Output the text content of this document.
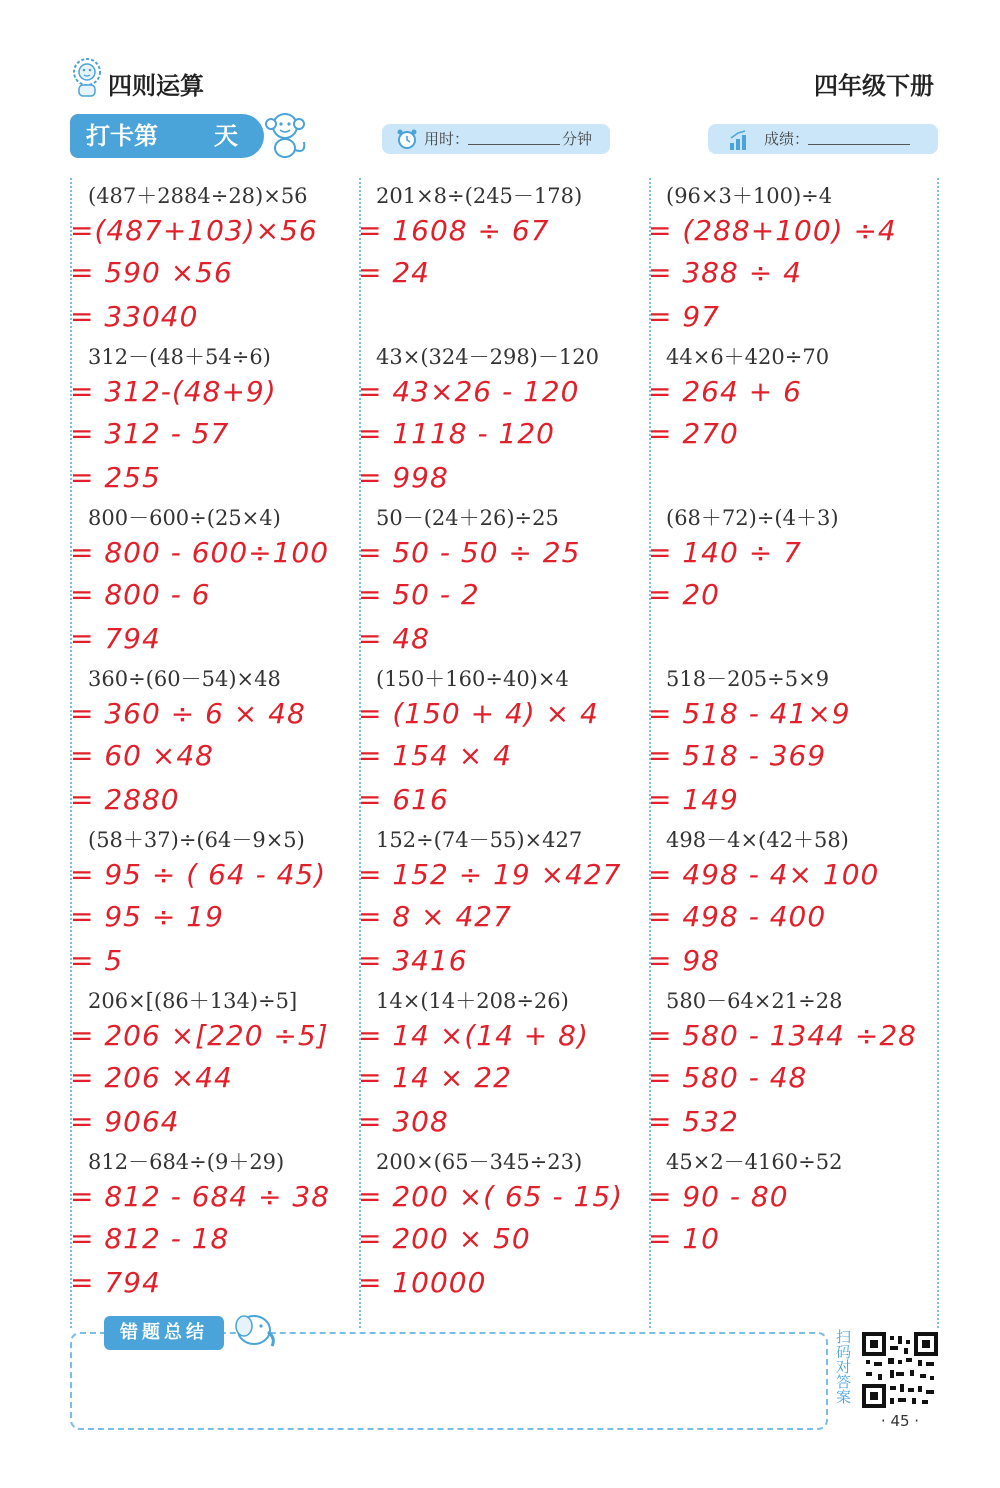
四则运算	四年级下册
打卡第 天	用时：	分钟	成绩：
(487＋2884÷28)×56
=(487+103)×56
= 590 ×56
= 33040
312－(48＋54÷6)
= 312-(48+9)
= 312 - 57
= 255
800－600÷(25×4)
= 800 - 600÷100
= 800 - 6
= 794
360÷(60－54)×48
= 360 ÷ 6 × 48
= 60 ×48
= 2880
(58＋37)÷(64－9×5)
= 95 ÷ ( 64 - 45)
= 95 ÷ 19
= 5
206×[(86＋134)÷5]
= 206 ×[220 ÷5]
= 206 ×44
= 9064
812－684÷(9＋29)
= 812 - 684 ÷ 38
= 812 - 18
= 794
201×8÷(245－178)
= 1608 ÷ 67
= 24
43×(324－298)－120
= 43×26 - 120
= 1118 - 120
= 998
50－(24＋26)÷25
= 50 - 50 ÷ 25
= 50 - 2
= 48
(150＋160÷40)×4
= (150 + 4) × 4
= 154 × 4
= 616
152÷(74－55)×427
= 152 ÷ 19 ×427
= 8 × 427
= 3416
14×(14＋208÷26)
= 14 ×(14 + 8)
= 14 × 22
= 308
200×(65－345÷23)
= 200 ×( 65 - 15)
= 200 × 50
= 10000
(96×3＋100)÷4
= (288+100) ÷4
= 388 ÷ 4
= 97
44×6＋420÷70
= 264 + 6
= 270
(68＋72)÷(4＋3)
= 140 ÷ 7
= 20
518－205÷5×9
= 518 - 41×9
= 518 - 369
= 149
498－4×(42＋58)
= 498 - 4× 100
= 498 - 400
= 98
580－64×21÷28
= 580 - 1344 ÷28
= 580 - 48
= 532
45×2－4160÷52
= 90 - 80
= 10
错题总结	扫码对答案
· 45 ·
